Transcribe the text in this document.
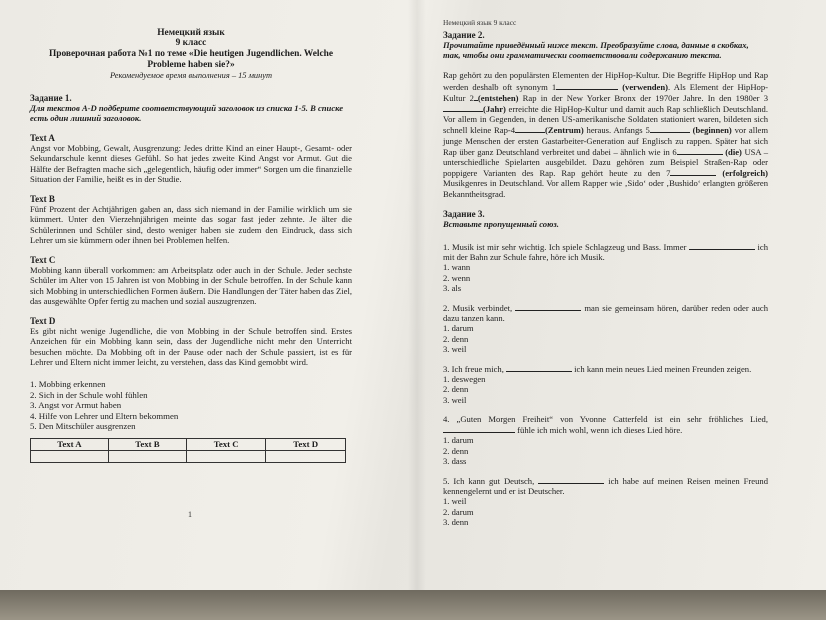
Немецкий язык
9 класс
Проверочная работа №1 по теме «Die heutigen Jugendlichen. Welche Probleme haben sie?»
Рекомендуемое время выполнения – 15 минут
Задание 1.
Для текстов A-D подберите соответствующий заголовок из списка 1-5. В списке есть один лишний заголовок.
Text A
Angst vor Mobbing, Gewalt, Ausgrenzung: Jedes dritte Kind an einer Haupt-, Gesamt- oder Sekundarschule kennt dieses Gefühl. So hat jedes zweite Kind Angst vor Armut. Gut die Hälfte der Befragten mache sich „gelegentlich, häufig oder immer“ Sorgen um die finanzielle Situation der Familie, heißt es in der Studie.
Text B
Fünf Prozent der Achtjährigen gaben an, dass sich niemand in der Familie wirklich um sie kümmert. Unter den Vierzehnjährigen meinte das sogar fast jeder zehnte. Je älter die Schülerinnen und Schüler sind, desto weniger haben sie zudem den Eindruck, dass sich Lehrer um sie kümmern oder ihnen bei Problemen helfen.
Text C
Mobbing kann überall vorkommen: am Arbeitsplatz oder auch in der Schule. Jeder sechste Schüler im Alter von 15 Jahren ist von Mobbing in der Schule betroffen. In der Schule kann sich Mobbing in unterschiedlichen Formen äußern. Die Handlungen der Täter haben das Ziel, das ausgewählte Opfer fertig zu machen und sozial auszugrenzen.
Text D
Es gibt nicht wenige Jugendliche, die von Mobbing in der Schule betroffen sind. Erstes Anzeichen für ein Mobbing kann sein, dass der Jugendliche nicht mehr den Unterricht besuchen möchte. Da Mobbing oft in der Pause oder nach der Schule passiert, ist es für Lehrer und Eltern nicht immer leicht, zu verstehen, dass das Kind gemobbt wird.
1. Mobbing erkennen
2. Sich in der Schule wohl fühlen
3. Angst vor Armut haben
4. Hilfe von Lehrer und Eltern bekommen
5. Den Mitschüler ausgrenzen
Text A	Text B	Text C	Text D

1
Немецкий язык 9 класс
Задание 2.
Прочитайте приведённый ниже текст. Преобразуйте слова, данные в скобках, так, чтобы они грамматически соответствовали содержанию текста.
Rap gehört zu den populärsten Elementen der HipHop-Kultur. Die Begriffe HipHop und Rap werden deshalb oft synonym 1	(verwenden). Als Element der HipHop-Kultur 2 (entstehen) Rap in der New Yorker Bronx der 1970er Jahre. In den 1980er 3(Jahr) erreichte die HipHop-Kultur und damit auch Rap schließlich Deutschland. Vor allem in Gegenden, in denen US-amerikanische Soldaten stationiert waren, bildeten sich schnell kleine Rap-4	(Zentrum) heraus. Anfangs 5	(beginnen) vor allem junge Menschen der ersten Gastarbeiter-Generation auf Englisch zu rappen. Später hat sich Rap über ganz Deutschland verbreitet und dabei – ähnlich wie in 6	(die) USA – unterschiedliche Spielarten ausgebildet. Dazu gehören zum Beispiel Straßen-Rap oder poppigere Varianten des Rap. Rap gehört heute zu den 7	(erfolgreich) Musikgenres in Deutschland. Vor allem Rapper wie ‚Sido‘ oder ‚Bushido‘ erlangten größeren Bekanntheitsgrad.
Задание 3.
Вставьте пропущенный союз.
1. Musik ist mir sehr wichtig. Ich spiele Schlagzeug und Bass. Immer	ich mit der Bahn zur Schule fahre, höre ich Musik.
1. wann
2. wenn
3. als
2. Musik verbindet,	man sie gemeinsam hören, darüber reden oder auch dazu tanzen kann.
1. darum
2. denn
3. weil
3. Ich freue mich,	ich kann mein neues Lied meinen Freunden zeigen.
1. deswegen
2. denn
3. weil
4. „Guten Morgen Freiheit“ von Yvonne Catterfeld ist ein sehr fröhliches Lied,  fühle ich mich wohl, wenn ich dieses Lied höre.
1. darum
2. denn
3. dass
5. Ich kann gut Deutsch,	ich habe auf meinen Reisen meinen Freund kennengelernt und er ist Deutscher.
1. weil
2. darum
3. denn
